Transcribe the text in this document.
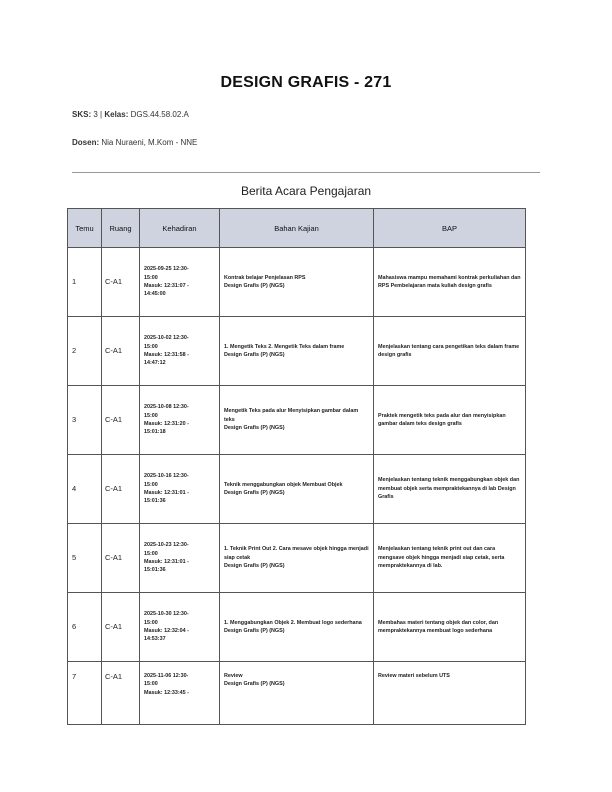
DESIGN GRAFIS - 271
SKS: 3 | Kelas: DGS.44.58.02.A
Dosen: Nia Nuraeni, M.Kom - NNE
Berita Acara Pengajaran
Temu	Ruang	Kehadiran	Bahan Kajian	BAP
1	C-A1	2025-09-25 12:30-
15:00
Masuk: 12:31:07 -
14:45:00	Kontrak belajar Penjelasan RPS
Design Grafis (P) (NGS)	Mahasiswa mampu memahami kontrak perkuliahan dan RPS Pembelajaran mata kuliah design grafis

2	C-A1	2025-10-02 12:30-
15:00
Masuk: 12:31:58 -
14:47:12	1. Mengetik Teks 2. Mengetik Teks dalam frame
Design Grafis (P) (NGS)	Menjelaskan tentang cara pengetikan teks dalam frame design grafis

3	C-A1	2025-10-08 12:30-
15:00
Masuk: 12:31:20 -
15:01:18	Mengetik Teks pada alur Menyisipkan gambar dalam teks
Design Grafis (P) (NGS)	Praktek mengetik teks pada alur dan menyisipkan gambar dalam teks design grafis

4	C-A1	2025-10-16 12:30-
15:00
Masuk: 12:31:01 -
15:01:36	Teknik menggabungkan objek Membuat Objek
Design Grafis (P) (NGS)	Menjelaskan tentang teknik menggabungkan objek dan membuat objek serta mempraktekannya di lab Design Grafis

5	C-A1	2025-10-23 12:30-
15:00
Masuk: 12:31:01 -
15:01:36	1. Teknik Print Out 2. Cara mesave objek hingga menjadi siap cetak
Design Grafis (P) (NGS)	Menjelaskan tentang teknik print out dan cara mengsave objek hingga menjadi siap cetak, serta mempraktekannya di lab.

6	C-A1	2025-10-30 12:30-
15:00
Masuk: 12:32:04 -
14:53:37	1. Menggabungkan Objek 2. Membuat logo sederhana
Design Grafis (P) (NGS)	Membahas materi tentang objek dan color, dan mempraktekannya membuat logo sederhana

7	C-A1	2025-11-06 12:30-
15:00
Masuk: 12:33:45 -	Review
Design Grafis (P) (NGS)	Review materi sebelum UTS
